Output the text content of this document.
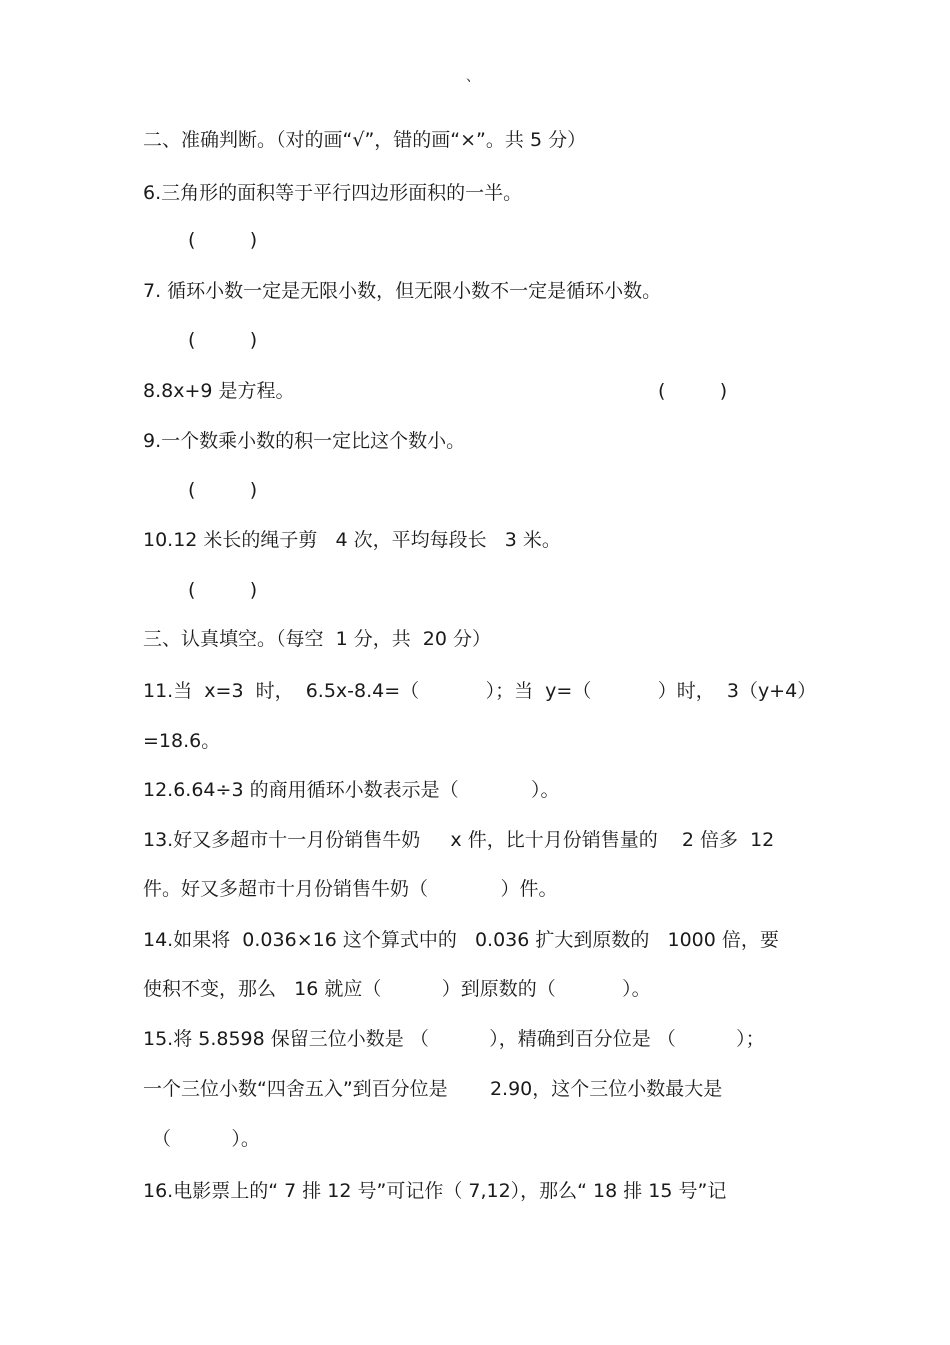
、
二、准确判断。（对的画“√”，错的画“×”。共 5 分）
6.三角形的面积等于平行四边形面积的一半。
(         )
7. 循环小数一定是无限小数，但无限小数不一定是循环小数。
(         )
8.8x+9 是方程。	(         )
9.一个数乘小数的积一定比这个数小。
(         )
10.12 米长的绳子剪   4 次，平均每段长   3 米。
(         )
三、认真填空。（每空  1 分，共  20 分）
11.当  x=3  时，  6.5x-8.4=（           ）；当  y=（           ）时，  3（y+4）
=18.6。
12.6.64÷3 的商用循环小数表示是（            ）。
13.好又多超市十一月份销售牛奶     x 件，比十月份销售量的    2 倍多  12
件。好又多超市十月份销售牛奶（            ）件。
14.如果将  0.036×16 这个算式中的   0.036 扩大到原数的   1000 倍，要
使积不变，那么   16 就应（          ）到原数的（           ）。
15.将 5.8598 保留三位小数是 （          ），精确到百分位是 （          ）；
一个三位小数“四舍五入”到百分位是       2.90，这个三位小数最大是
（          ）。
16.电影票上的“ 7 排 12 号”可记作（ 7,12），那么“ 18 排 15 号”记
